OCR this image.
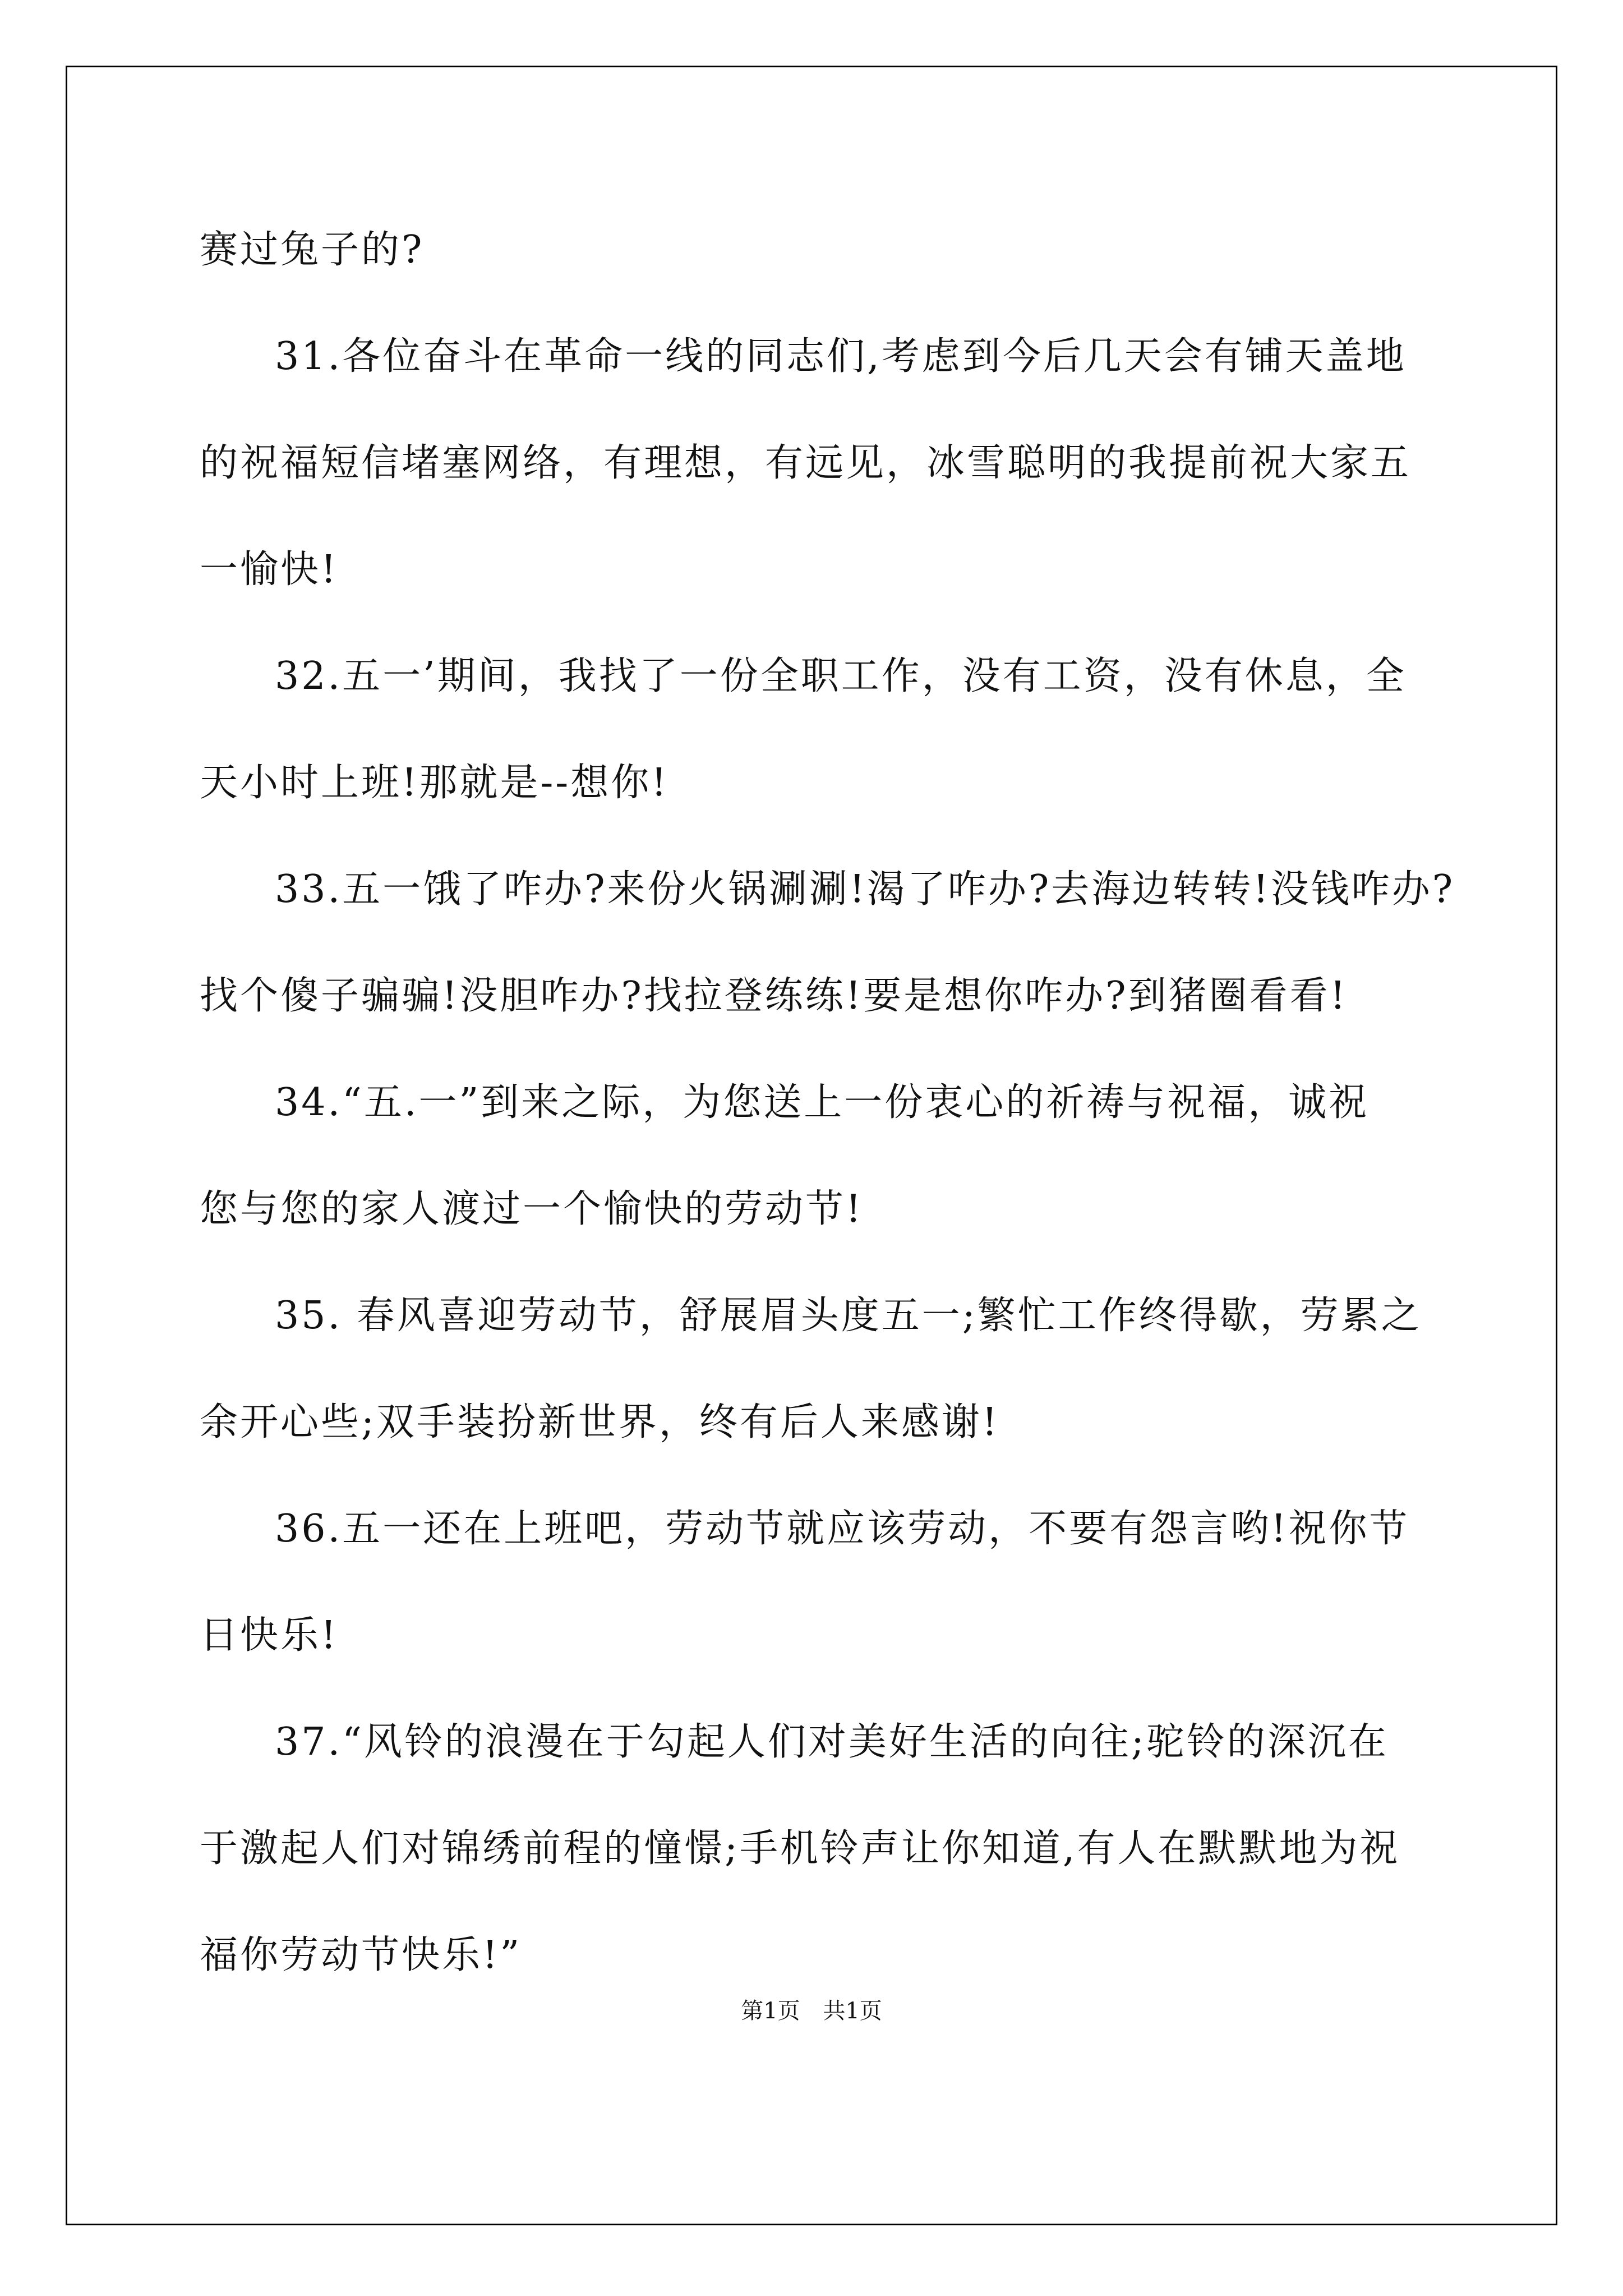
赛过兔子的?
31.各位奋斗在革命一线的同志们,考虑到今后几天会有铺天盖地
的祝福短信堵塞网络，有理想，有远见，冰雪聪明的我提前祝大家五
一愉快!
32.五一’期间，我找了一份全职工作，没有工资，没有休息，全
天小时上班!那就是--想你!
33.五一饿了咋办?来份火锅涮涮!渴了咋办?去海边转转!没钱咋办?
找个傻子骗骗!没胆咋办?找拉登练练!要是想你咋办?到猪圈看看!
34.“五.一”到来之际，为您送上一份衷心的祈祷与祝福，诚祝
您与您的家人渡过一个愉快的劳动节!
35. 春风喜迎劳动节，舒展眉头度五一;繁忙工作终得歇，劳累之
余开心些;双手装扮新世界，终有后人来感谢!
36.五一还在上班吧，劳动节就应该劳动，不要有怨言哟!祝你节
日快乐!
37.“风铃的浪漫在于勾起人们对美好生活的向往;驼铃的深沉在
于激起人们对锦绣前程的憧憬;手机铃声让你知道,有人在默默地为祝
福你劳动节快乐!”
第1页 共1页
